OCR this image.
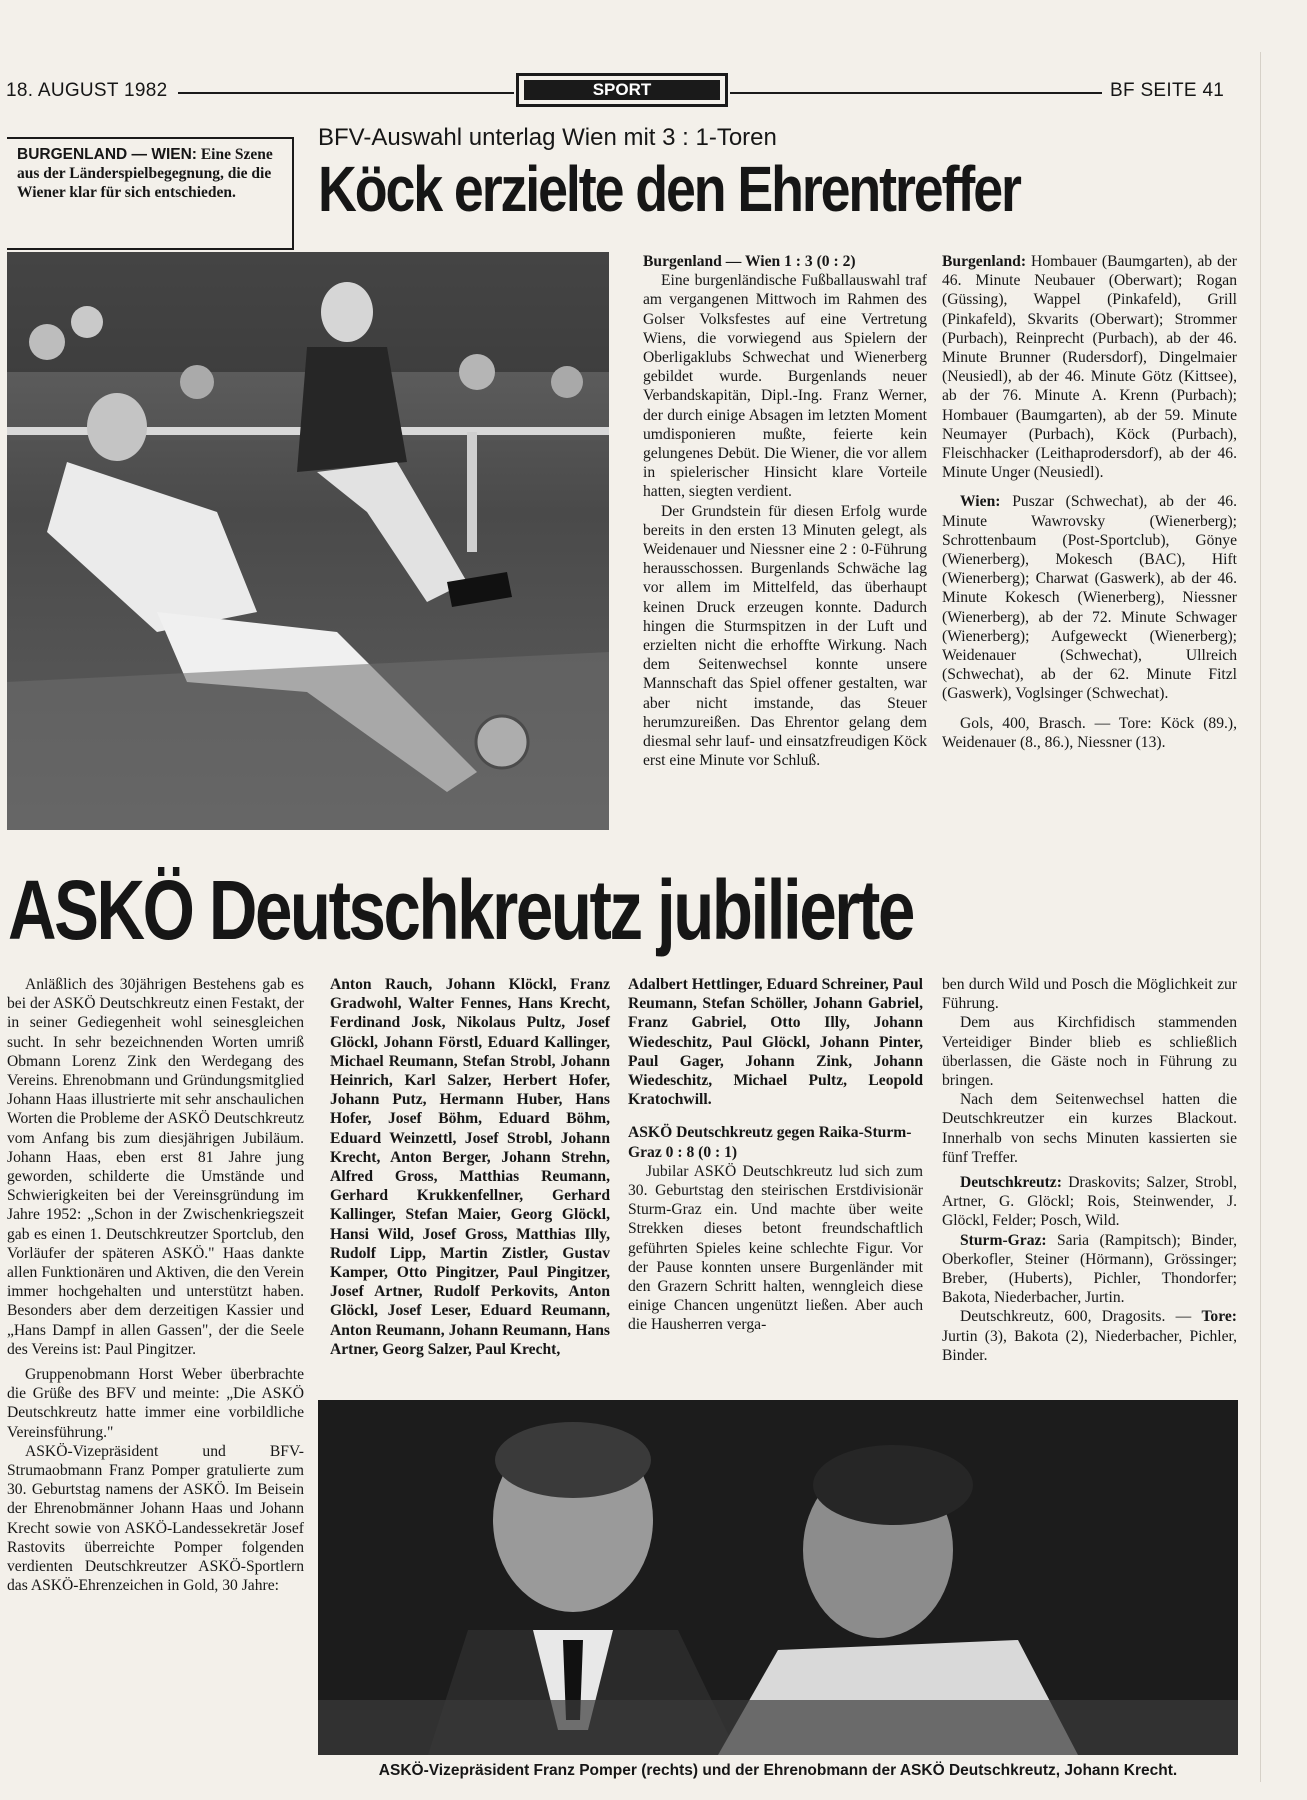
18. AUGUST 1982	SPORT	BF SEITE 41
BURGENLAND — WIEN: Eine Szene aus der Länderspielbegegnung, die die Wiener klar für sich entschieden.
BFV-Auswahl unterlag Wien mit 3 : 1-Toren
Köck erzielte den Ehrentreffer

Burgenland — Wien 1 : 3 (0 : 2)

Eine burgenländische Fußballauswahl traf am vergangenen Mittwoch im Rahmen des Golser Volksfestes auf eine Vertretung Wiens, die vorwiegend aus Spielern der Oberligaklubs Schwechat und Wienerberg gebildet wurde. Burgenlands neuer Verbandskapitän, Dipl.-Ing. Franz Werner, der durch einige Absagen im letzten Moment umdisponieren mußte, feierte kein gelungenes Debüt. Die Wiener, die vor allem in spielerischer Hinsicht klare Vorteile hatten, siegten verdient.

Der Grundstein für diesen Erfolg wurde bereits in den ersten 13 Minuten gelegt, als Weidenauer und Niessner eine 2 : 0-Führung herausschossen. Burgenlands Schwäche lag vor allem im Mittelfeld, das überhaupt keinen Druck erzeugen konnte. Dadurch hingen die Sturmspitzen in der Luft und erzielten nicht die erhoffte Wirkung. Nach dem Seitenwechsel konnte unsere Mannschaft das Spiel offener gestalten, war aber nicht imstande, das Steuer herumzureißen. Das Ehrentor gelang dem diesmal sehr lauf- und einsatzfreudigen Köck erst eine Minute vor Schluß.

Burgenland: Hombauer (Baumgarten), ab der 46. Minute Neubauer (Oberwart); Rogan (Güssing), Wappel (Pinkafeld), Grill (Pinkafeld), Skvarits (Oberwart); Strommer (Purbach), Reinprecht (Purbach), ab der 46. Minute Brunner (Rudersdorf), Dingelmaier (Neusiedl), ab der 46. Minute Götz (Kittsee), ab der 76. Minute A. Krenn (Purbach); Hombauer (Baumgarten), ab der 59. Minute Neumayer (Purbach), Köck (Purbach), Fleischhacker (Leithaprodersdorf), ab der 46. Minute Unger (Neusiedl).

Wien: Puszar (Schwechat), ab der 46. Minute Wawrovsky (Wienerberg); Schrottenbaum (Post-Sportclub), Gönye (Wienerberg), Mokesch (BAC), Hift (Wienerberg); Charwat (Gaswerk), ab der 46. Minute Kokesch (Wienerberg), Niessner (Wienerberg), ab der 72. Minute Schwager (Wienerberg); Aufgeweckt (Wienerberg); Weidenauer (Schwechat), Ullreich (Schwechat), ab der 62. Minute Fitzl (Gaswerk), Voglsinger (Schwechat).

Gols, 400, Brasch. — Tore: Köck (89.), Weidenauer (8., 86.), Niessner (13).

ASKÖ Deutschkreutz jubilierte

Anläßlich des 30jährigen Bestehens gab es bei der ASKÖ Deutschkreutz einen Festakt, der in seiner Gediegenheit wohl seinesgleichen sucht. In sehr bezeichnenden Worten umriß Obmann Lorenz Zink den Werdegang des Vereins. Ehrenobmann und Gründungsmitglied Johann Haas illustrierte mit sehr anschaulichen Worten die Probleme der ASKÖ Deutschkreutz vom Anfang bis zum diesjährigen Jubiläum. Johann Haas, eben erst 81 Jahre jung geworden, schilderte die Umstände und Schwierigkeiten bei der Vereinsgründung im Jahre 1952: „Schon in der Zwischenkriegszeit gab es einen 1. Deutschkreutzer Sportclub, den Vorläufer der späteren ASKÖ." Haas dankte allen Funktionären und Aktiven, die den Verein immer hochgehalten und unterstützt haben. Besonders aber dem derzeitigen Kassier und „Hans Dampf in allen Gassen", der die Seele des Vereins ist: Paul Pingitzer.

Gruppenobmann Horst Weber überbrachte die Grüße des BFV und meinte: „Die ASKÖ Deutschkreutz hatte immer eine vorbildliche Vereinsführung."

ASKÖ-Vizepräsident und BFV-Strumaobmann Franz Pomper gratulierte zum 30. Geburtstag namens der ASKÖ. Im Beisein der Ehrenobmänner Johann Haas und Johann Krecht sowie von ASKÖ-Landessekretär Josef Rastovits überreichte Pomper folgenden verdienten Deutschkreutzer ASKÖ-Sportlern das ASKÖ-Ehrenzeichen in Gold, 30 Jahre:

Anton Rauch, Johann Klöckl, Franz Gradwohl, Walter Fennes, Hans Krecht, Ferdinand Josk, Nikolaus Pultz, Josef Glöckl, Johann Förstl, Eduard Kallinger, Michael Reumann, Stefan Strobl, Johann Heinrich, Karl Salzer, Herbert Hofer, Johann Putz, Hermann Huber, Hans Hofer, Josef Böhm, Eduard Böhm, Eduard Weinzettl, Josef Strobl, Johann Krecht, Anton Berger, Johann Strehn, Alfred Gross, Matthias Reumann, Gerhard Krukkenfellner, Gerhard Kallinger, Stefan Maier, Georg Glöckl, Hansi Wild, Josef Gross, Matthias Illy, Rudolf Lipp, Martin Zistler, Gustav Kamper, Otto Pingitzer, Paul Pingitzer, Josef Artner, Rudolf Perkovits, Anton Glöckl, Josef Leser, Eduard Reumann, Anton Reumann, Johann Reumann, Hans Artner, Georg Salzer, Paul Krecht,

Adalbert Hettlinger, Eduard Schreiner, Paul Reumann, Stefan Schöller, Johann Gabriel, Franz Gabriel, Otto Illy, Johann Wiedeschitz, Paul Glöckl, Johann Pinter, Paul Gager, Johann Zink, Johann Wiedeschitz, Michael Pultz, Leopold Kratochwill.

ASKÖ Deutschkreutz gegen Raika-Sturm-Graz 0 : 8 (0 : 1)

Jubilar ASKÖ Deutschkreutz lud sich zum 30. Geburtstag den steirischen Erstdivisionär Sturm-Graz ein. Und machte über weite Strekken dieses betont freundschaftlich geführten Spieles keine schlechte Figur. Vor der Pause konnten unsere Burgenländer mit den Grazern Schritt halten, wenngleich diese einige Chancen ungenützt ließen. Aber auch die Hausherren verga-

ben durch Wild und Posch die Möglichkeit zur Führung.

Dem aus Kirchfidisch stammenden Verteidiger Binder blieb es schließlich überlassen, die Gäste noch in Führung zu bringen.

Nach dem Seitenwechsel hatten die Deutschkreutzer ein kurzes Blackout. Innerhalb von sechs Minuten kassierten sie fünf Treffer.

Deutschkreutz: Draskovits; Salzer, Strobl, Artner, G. Glöckl; Rois, Steinwender, J. Glöckl, Felder; Posch, Wild.

Sturm-Graz: Saria (Rampitsch); Binder, Oberkofler, Steiner (Hörmann), Grössinger; Breber, (Huberts), Pichler, Thondorfer; Bakota, Niederbacher, Jurtin.

Deutschkreutz, 600, Dragosits. — Tore: Jurtin (3), Bakota (2), Niederbacher, Pichler, Binder.

ASKÖ-Vizepräsident Franz Pomper (rechts) und der Ehrenobmann der ASKÖ Deutschkreutz, Johann Krecht.
